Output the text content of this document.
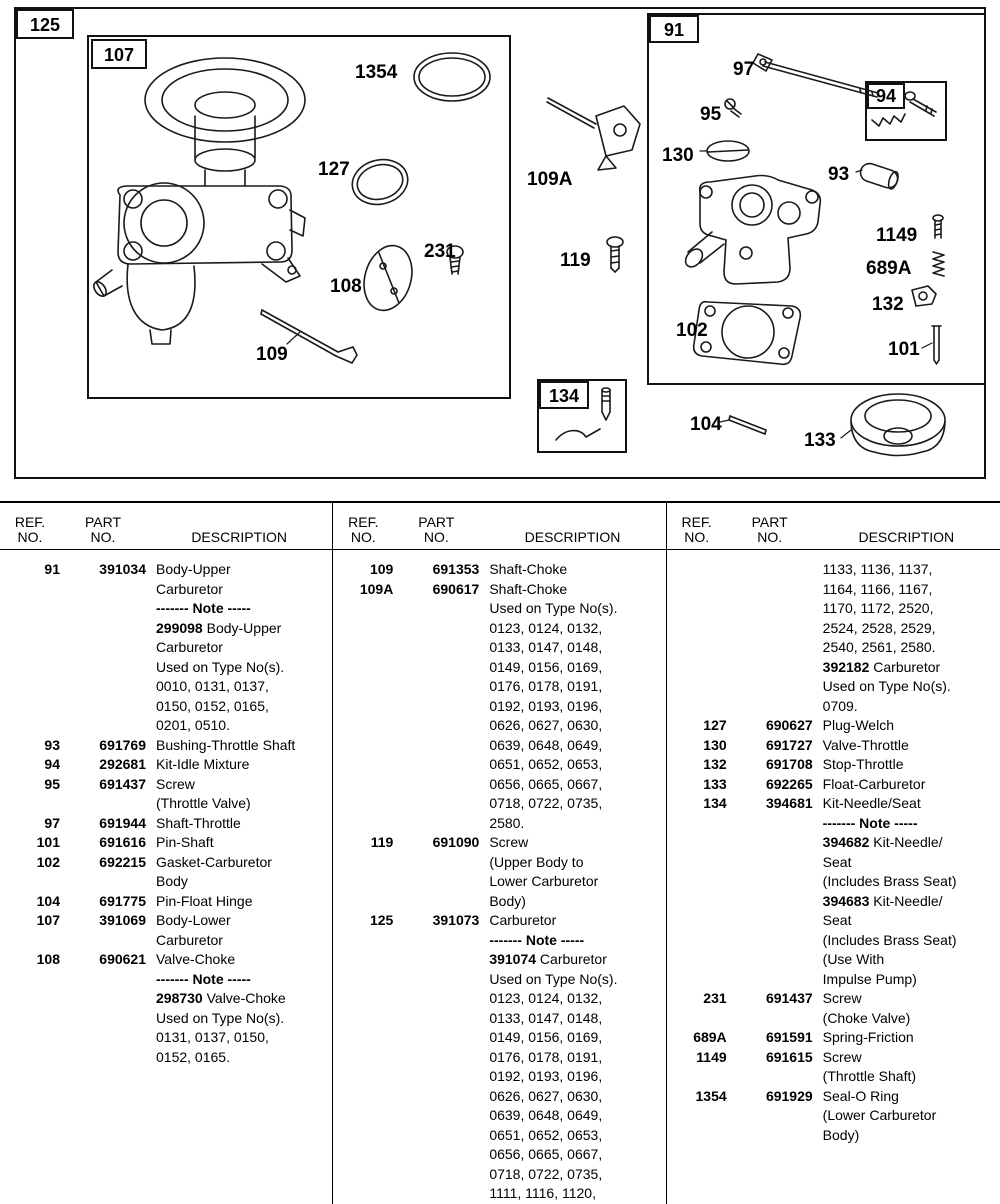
125
107
91
94
134
1354
127
231
108
109
109A
119
97
95
130
93
1149
689A
132
101
102
104
133
REF.
NO.
PART
NO.	DESCRIPTION
91	391034 Body-Upper
Carburetor
------- Note -----
299098 Body-Upper
Carburetor
Used on Type No(s).
0010, 0131, 0137,
0150, 0152, 0165,
0201, 0510.
93	691769 Bushing-Throttle Shaft
94	292681 Kit-Idle Mixture
95	691437 Screw
(Throttle Valve)
97	691944 Shaft-Throttle
101	691616 Pin-Shaft
102	692215 Gasket-Carburetor
Body
104	691775 Pin-Float Hinge
107	391069 Body-Lower
Carburetor
108	690621 Valve-Choke
------- Note -----
298730 Valve-Choke
Used on Type No(s).
0131, 0137, 0150,
0152, 0165.
REF.
NO.
PART
NO.	DESCRIPTION
109	691353 Shaft-Choke
109A	690617 Shaft-Choke
Used on Type No(s).
0123, 0124, 0132,
0133, 0147, 0148,
0149, 0156, 0169,
0176, 0178, 0191,
0192, 0193, 0196,
0626, 0627, 0630,
0639, 0648, 0649,
0651, 0652, 0653,
0656, 0665, 0667,
0718, 0722, 0735,
2580.
119	691090 Screw
(Upper Body to
Lower Carburetor
Body)
125	391073 Carburetor
------- Note -----
391074 Carburetor
Used on Type No(s).
0123, 0124, 0132,
0133, 0147, 0148,
0149, 0156, 0169,
0176, 0178, 0191,
0192, 0193, 0196,
0626, 0627, 0630,
0639, 0648, 0649,
0651, 0652, 0653,
0656, 0665, 0667,
0718, 0722, 0735,
1111, 1116, 1120,
REF.
NO.
PART
NO.	DESCRIPTION
1133, 1136, 1137,
1164, 1166, 1167,
1170, 1172, 2520,
2524, 2528, 2529,
2540, 2561, 2580.
392182 Carburetor
Used on Type No(s).
0709.
127	690627 Plug-Welch
130	691727 Valve-Throttle
132	691708 Stop-Throttle
133	692265 Float-Carburetor
134	394681 Kit-Needle/Seat
------- Note -----
394682 Kit-Needle/
Seat
(Includes Brass Seat)
394683 Kit-Needle/
Seat
(Includes Brass Seat)
(Use With
Impulse Pump)
231	691437 Screw
(Choke Valve)
689A	691591 Spring-Friction
1149	691615 Screw
(Throttle Shaft)
1354	691929 Seal-O Ring
(Lower Carburetor
Body)
